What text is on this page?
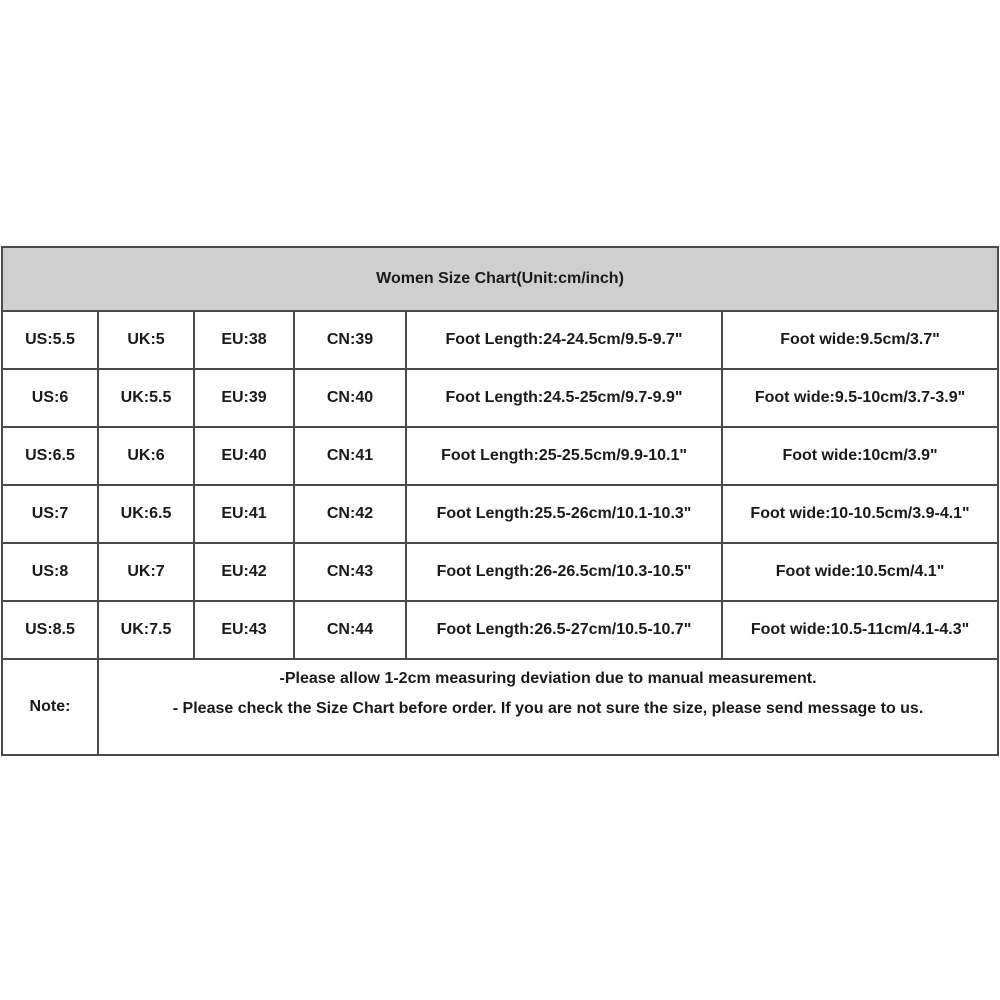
Women Size Chart(Unit:cm/inch)					
US:5.5	UK:5	EU:38	CN:39	Foot Length:24-24.5cm/9.5-9.7"	Foot wide:9.5cm/3.7"
US:6	UK:5.5	EU:39	CN:40	Foot Length:24.5-25cm/9.7-9.9"	Foot wide:9.5-10cm/3.7-3.9"
US:6.5	UK:6	EU:40	CN:41	Foot Length:25-25.5cm/9.9-10.1"	Foot wide:10cm/3.9"
US:7	UK:6.5	EU:41	CN:42	Foot Length:25.5-26cm/10.1-10.3"	Foot wide:10-10.5cm/3.9-4.1"
US:8	UK:7	EU:42	CN:43	Foot Length:26-26.5cm/10.3-10.5"	Foot wide:10.5cm/4.1"
US:8.5	UK:7.5	EU:43	CN:44	Foot Length:26.5-27cm/10.5-10.7"	Foot wide:10.5-11cm/4.1-4.3"
Note:	-Please allow 1-2cm measuring deviation due to manual measurement.
- Please check the Size Chart before order. If you are not sure the size, please send message to us.				
